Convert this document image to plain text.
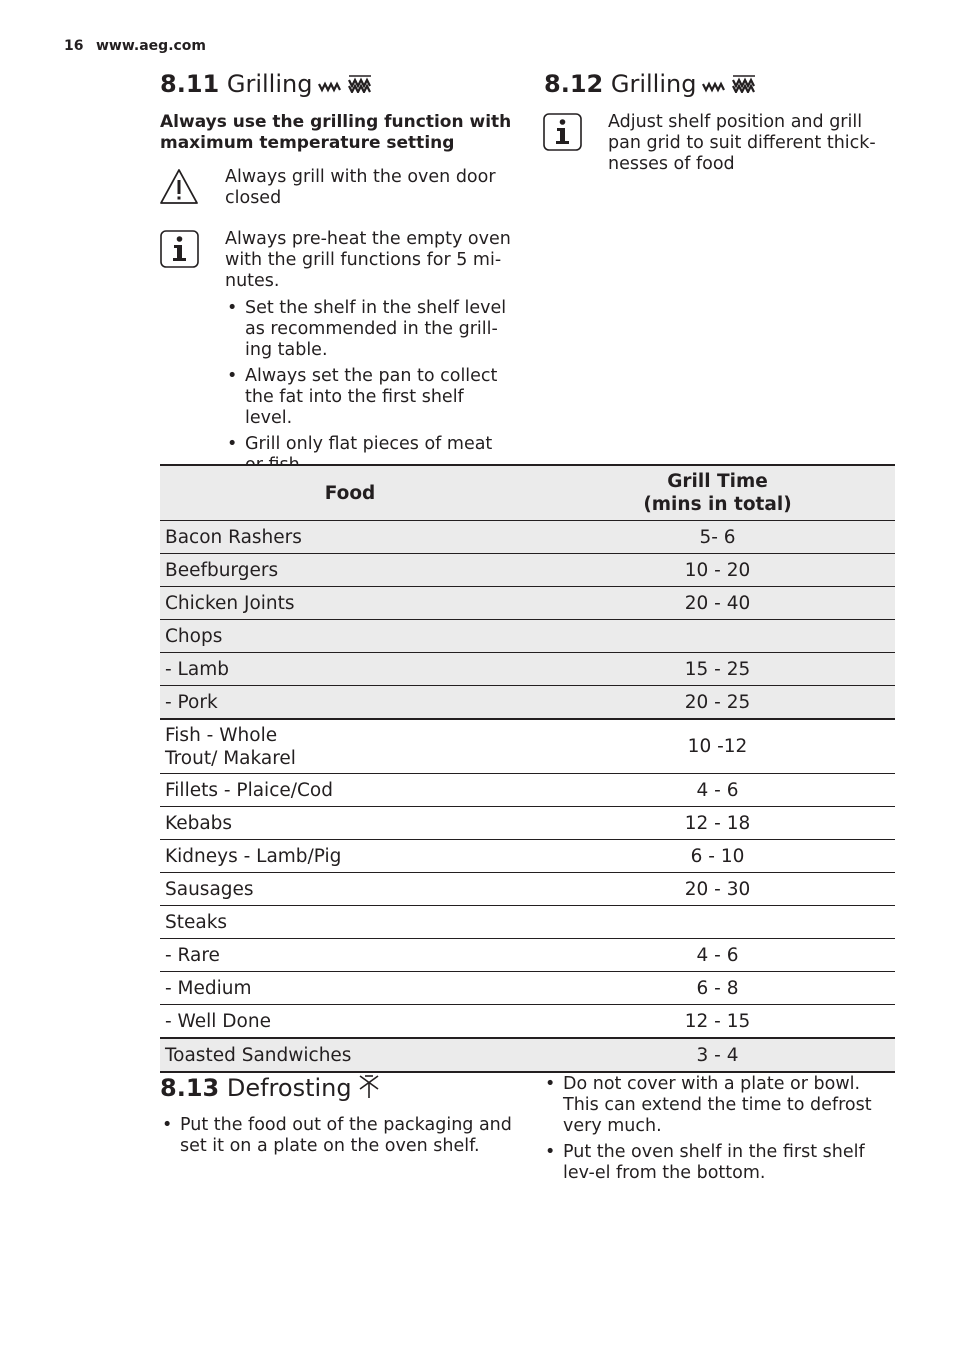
16 www.aeg.com
8.11 Grilling
Always use the grilling function with maximum temperature setting
Always grill with the oven door closed
Always pre-heat the empty oven with the grill functions for 5 mi-nutes.
• Set the shelf in the shelf level as recommended in the grill-ing table.
• Always set the pan to collect the fat into the first shelf level.
• Grill only flat pieces of meat
8.12 Grilling
Adjust shelf position and grill pan grid to suit different thick-nesses of food
Food	Grill Time
(mins in total)
Bacon Rashers	5- 6
Beefburgers	10 - 20
Chicken Joints	20 - 40
Chops	
- Lamb	15 - 25
- Pork	20 - 25
Fish - Whole
Trout/ Makarel	10 -12
Fillets - Plaice/Cod	4 - 6
Kebabs	12 - 18
Kidneys - Lamb/Pig	6 - 10
Sausages	20 - 30
Steaks	
- Rare	4 - 6
- Medium	6 - 8
- Well Done	12 - 15
Toasted Sandwiches	3 - 4
8.13 Defrosting
• Put the food out of the packaging and set it on a plate on the oven shelf.
• Do not cover with a plate or bowl. This can extend the time to defrost very much.
• Put the oven shelf in the first shelf lev-el from the bottom.
